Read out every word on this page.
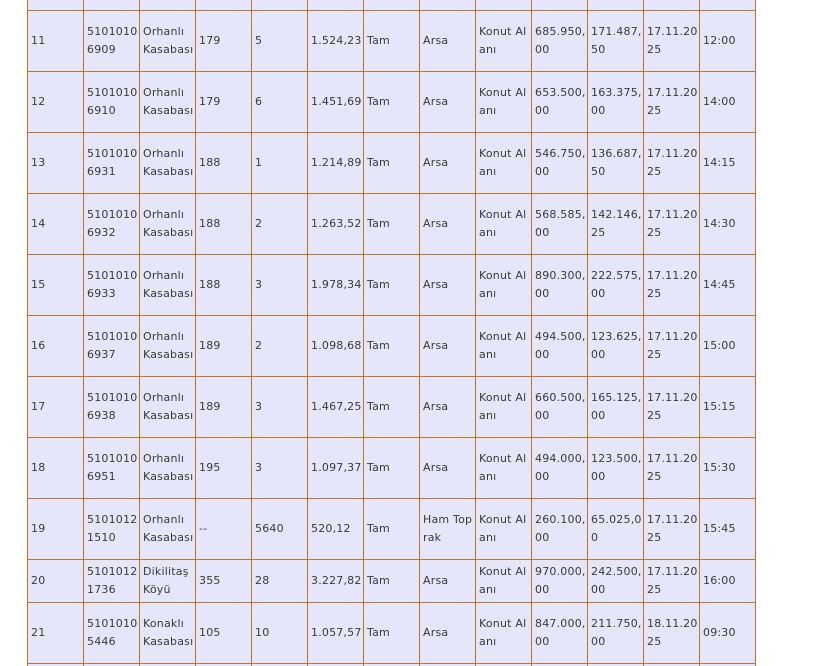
11	51010106909	Orhanlı Kasabası	179	5	1.524,23	Tam	Arsa	Konut Alanı	685.950,00	171.487,50	17.11.2025	12:00
12	51010106910	Orhanlı Kasabası	179	6	1.451,69	Tam	Arsa	Konut Alanı	653.500,00	163.375,00	17.11.2025	14:00
13	51010106931	Orhanlı Kasabası	188	1	1.214,89	Tam	Arsa	Konut Alanı	546.750,00	136.687,50	17.11.2025	14:15
14	51010106932	Orhanlı Kasabası	188	2	1.263,52	Tam	Arsa	Konut Alanı	568.585,00	142.146,25	17.11.2025	14:30
15	51010106933	Orhanlı Kasabası	188	3	1.978,34	Tam	Arsa	Konut Alanı	890.300,00	222.575,00	17.11.2025	14:45
16	51010106937	Orhanlı Kasabası	189	2	1.098,68	Tam	Arsa	Konut Alanı	494.500,00	123.625,00	17.11.2025	15:00
17	51010106938	Orhanlı Kasabası	189	3	1.467,25	Tam	Arsa	Konut Alanı	660.500,00	165.125,00	17.11.2025	15:15
18	51010106951	Orhanlı Kasabası	195	3	1.097,37	Tam	Arsa	Konut Alanı	494.000,00	123.500,00	17.11.2025	15:30
19	51010121510	Orhanlı Kasabası	--	5640	520,12	Tam	Ham Toprak	Konut Alanı	260.100,00	65.025,00	17.11.2025	15:45
20	51010121736	Dikilitaş Köyü	355	28	3.227,82	Tam	Arsa	Konut Alanı	970.000,00	242.500,00	17.11.2025	16:00
21	51010105446	Konaklı Kasabası	105	10	1.057,57	Tam	Arsa	Konut Alanı	847.000,00	211.750,00	18.11.2025	09:30
